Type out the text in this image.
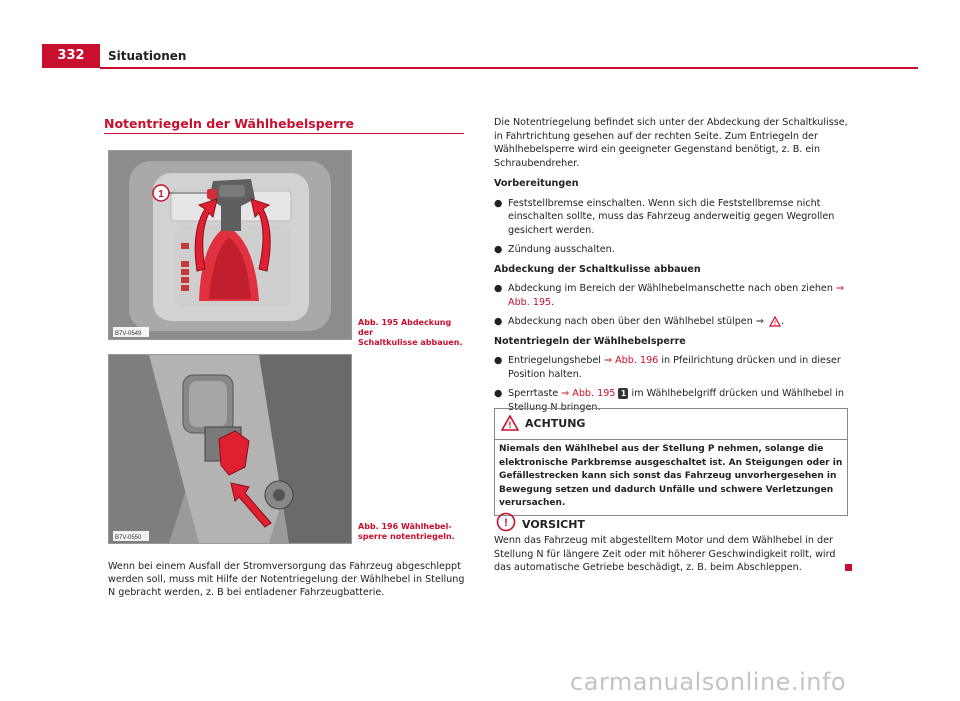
332	Situationen
Notentriegeln der Wählhebelsperre
1
B7V-0549
Abb. 195 Abdeckung der
Schaltkulisse abbauen.
B7V-0550
Abb. 196 Wählhebel-
sperre notentriegeln.
Wenn bei einem Ausfall der Stromversorgung das Fahrzeug abgeschleppt werden soll, muss mit Hilfe der Notentriegelung der Wählhebel in Stellung N gebracht werden, z. B bei entladener Fahrzeugbatterie.

Die Notentriegelung befindet sich unter der Abdeckung der Schaltkulisse, in Fahrtrichtung gesehen auf der rechten Seite. Zum Entriegeln der Wählhebelsperre wird ein geeigneter Gegenstand benötigt, z. B. ein Schraubendreher.

Vorbereitungen
● Feststellbremse einschalten. Wenn sich die Feststellbremse nicht einschalten sollte, muss das Fahrzeug anderweitig gegen Wegrollen gesichert werden.
● Zündung ausschalten.
Abdeckung der Schaltkulisse abbauen
● Abdeckung im Bereich der Wählhebelmanschette nach oben ziehen ⇒ Abb. 195.
● Abdeckung nach oben über den Wählhebel stülpen ⇒ ! .
Notentriegeln der Wählhebelsperre
● Entriegelungshebel ⇒ Abb. 196 in Pfeilrichtung drücken und in dieser Position halten.
● Sperrtaste ⇒ Abb. 195 1 im Wählhebelgriff drücken und Wählhebel in Stellung N bringen.
! ACHTUNG
Niemals den Wählhebel aus der Stellung P nehmen, solange die elektronische Parkbremse ausgeschaltet ist. An Steigungen oder in Gefällestrecken kann sich sonst das Fahrzeug unvorhergesehen in Bewegung setzen und dadurch Unfälle und schwere Verletzungen verursachen.
! VORSICHT
Wenn das Fahrzeug mit abgestelltem Motor und dem Wählhebel in der Stellung N für längere Zeit oder mit höherer Geschwindigkeit rollt, wird das automatische Getriebe beschädigt, z. B. beim Abschleppen.
carmanualsonline.info
